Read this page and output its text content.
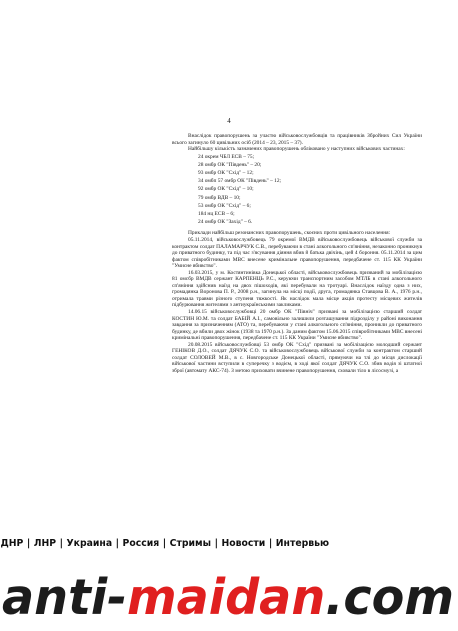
4

Внаслідок правопорушень за участю військовослужбовців та працівників Збройних Сил України всього загинуло 60 цивільних осіб (2014 – 23, 2015 – 37).

Найбільшу кількість зазначених правопорушень обліковано у наступних військових частинах:

24 окрем ЧБЛ ЕСВ – 75;
28 омбр ОК "Південь" – 20;
93 омбр ОК "Схід" – 12;
34 омбп 57 омбр ОК "Південь" – 12;
92 омбр ОК "Схід" – 10;
79 омбр ВДВ – 10;
53 омбр ОК "Схід" – 6;
184 нц ЕСВ – 6;
24 омбр ОК "Захід" – 6.

Приклади найбільш резонансних правопорушень, скоєних проти цивільного населення:

05.11.2014, військовослужбовець 79 окремої ВМДВ військовослужбовець військової служби за контрактом солдат ПАЛАМАРЧУК С.В., перебуваючи в стані алкогольного сп'яніння, незаконно проникнув до приватного будинку, та під час з'ясування діяння вбив 8 батька двічінь, цей 4 бороння. 05.11.2014 за цим фактом співробітниками МВС внесене кримінальне правопорушення, передбачене ст. 115 КК України "Умисне вбивство".

16.03.2015, у м. Костянтинівка Донецької області, військовослужбовець призваний за мобілізацією 81 омсбр ВМДВ сержант КАРПЕНЦЬ Р.С., керуючи транспортним засобом МТЛБ в стані алкогольного сп'яніння здійснив наїзд на двох пішоходів, які перебували на тротуарі. Внаслідок наїзду одна з них, громадянка Воронова П. Р., 2008 р.н., загинула на місці події, друга, громадянка Ставцова В. А., 1976 р.н., отримала травми різного ступеня тяжкості. Як наслідок мала місце акція протесту місцевих жителів підбурювання жителями з антиукраїнськими закликами.

14.06.15 військовослужбовці 20 омбр ОК "Північ" призвані за мобілізацією старший солдат КОСТИН Ю.М. та солдат БАБІЙ А.І., самовільно залишили розташування підрозділу у районі виконання завдання за призначенням (АТО) та, перебуваючи у стані алкогольного сп'яніння, проникли до приватного будинку, де вбили двох жінок (1938 та 1970 р.н.). За даним фактом 15.06.2015 співробітниками МВС внесені кримінальні правопорушення, передбачене ст. 115 КК України "Умисне вбивство".

20.08.2015 військовослужбовці 53 омбр ОК "Схід" призвані за мобілізацією молодший сержант ГЕНІКОВ Д.О., солдат ДЯЧУК С.О. та військовослужбовець військової служби за контрактом старший солдат СОЛОВЕЙ М.В., в с. Новгородське Донецької області, прямуючи на тлі до місця дислокації військової частини вступили в суперечку з водієм, в ході якої солдат ДЯЧУК С.О. збив водія зі штатної зброї (автомату АКС-74). З метою приховати вчинене правопорушення, сховали тіло в лісосмузі, а

ДНР | ЛНР | Украина | Россия | Стримы | Новости | Интервью
anti-maidan.com
